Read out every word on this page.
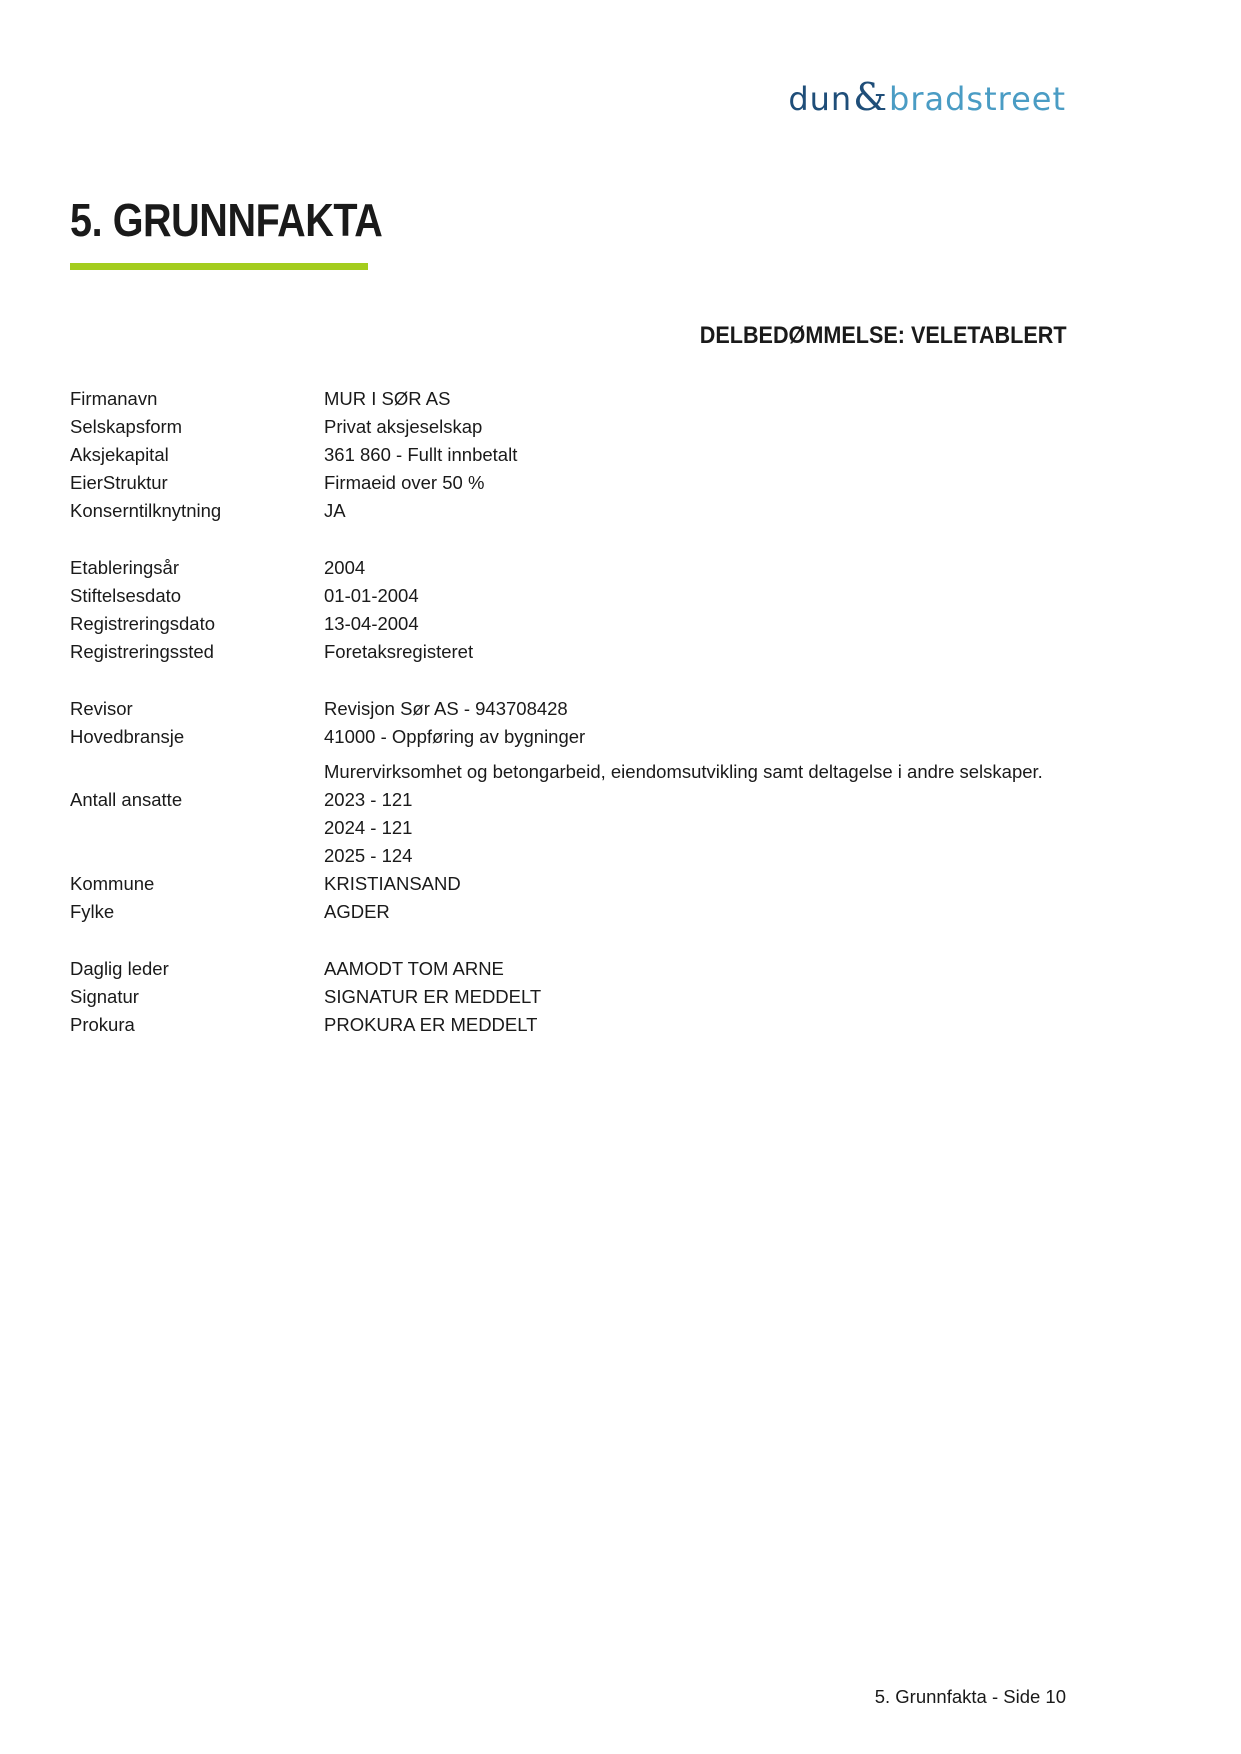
dun&bradstreet
5. GRUNNFAKTA
DELBEDØMMELSE: VELETABLERT
Firmanavn	MUR I SØR AS
Selskapsform	Privat aksjeselskap
Aksjekapital	361 860 - Fullt innbetalt
EierStruktur	Firmaeid over 50 %
Konserntilknytning	JA
Etableringsår	2004
Stiftelsesdato	01-01-2004
Registreringsdato	13-04-2004
Registreringssted	Foretaksregisteret
Revisor	Revisjon Sør AS - 943708428
Hovedbransje	41000 - Oppføring av bygninger
Murervirksomhet og betongarbeid, eiendomsutvikling samt deltagelse i andre selskaper.
Antall ansatte	2023 - 121
2024 - 121
2025 - 124
Kommune	KRISTIANSAND
Fylke	AGDER
Daglig leder	AAMODT TOM ARNE
Signatur	SIGNATUR ER MEDDELT
Prokura	PROKURA ER MEDDELT
5. Grunnfakta - Side 10
